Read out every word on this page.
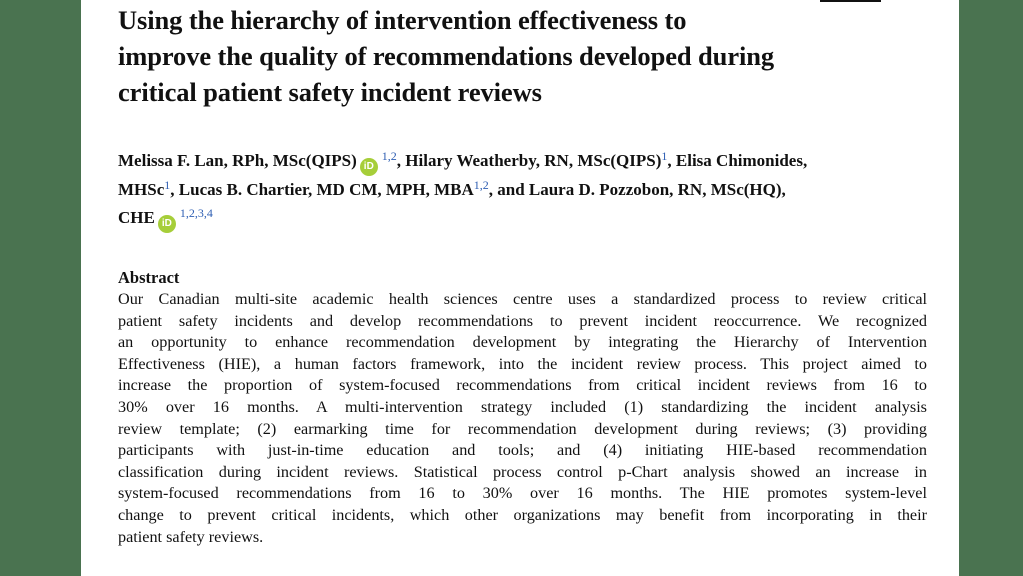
Using the hierarchy of intervention effectiveness to
improve the quality of recommendations developed during
critical patient safety incident reviews
Melissa F. Lan, RPh, MSc(QIPS) iD$^{1,2}$, Hilary Weatherby, RN, MSc(QIPS)$^1$, Elisa Chimonides,
MHSc$^1$, Lucas B. Chartier, MD CM, MPH, MBA$^{1,2}$, and Laura D. Pozzobon, RN, MSc(HQ),
CHE iD$^{1,2,3,4}$
Abstract
Our Canadian multi-site academic health sciences centre uses a standardized process to review critical
patient safety incidents and develop recommendations to prevent incident reoccurrence. We recognized
an opportunity to enhance recommendation development by integrating the Hierarchy of Intervention
Effectiveness (HIE), a human factors framework, into the incident review process. This project aimed to
increase the proportion of system-focused recommendations from critical incident reviews from 16 to
30% over 16 months. A multi-intervention strategy included (1) standardizing the incident analysis
review template; (2) earmarking time for recommendation development during reviews; (3) providing
participants with just-in-time education and tools; and (4) initiating HIE-based recommendation
classification during incident reviews. Statistical process control p-Chart analysis showed an increase in
system-focused recommendations from 16 to 30% over 16 months. The HIE promotes system-level
change to prevent critical incidents, which other organizations may benefit from incorporating in their
patient safety reviews.
